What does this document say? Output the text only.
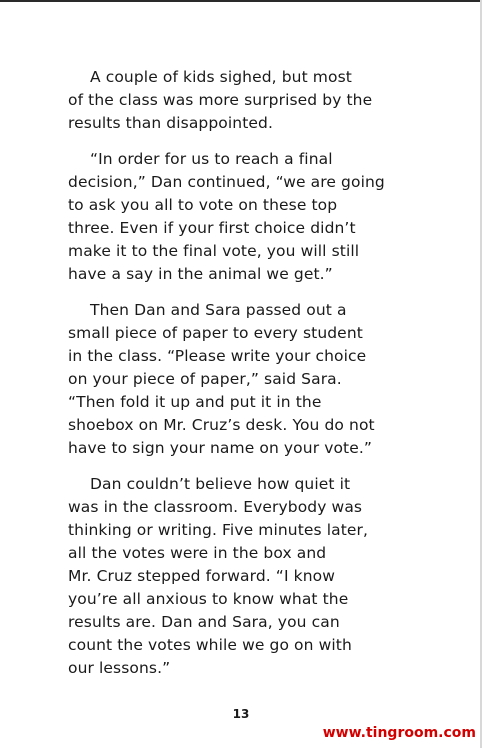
A couple of kids sighed, but most
of the class was more surprised by the
results than disappointed.

“In order for us to reach a final
decision,” Dan continued, “we are going
to ask you all to vote on these top
three. Even if your first choice didn’t
make it to the final vote, you will still
have a say in the animal we get.”

Then Dan and Sara passed out a
small piece of paper to every student
in the class. “Please write your choice
on your piece of paper,” said Sara.
“Then fold it up and put it in the
shoebox on Mr. Cruz’s desk. You do not
have to sign your name on your vote.”

Dan couldn’t believe how quiet it
was in the classroom. Everybody was
thinking or writing. Five minutes later,
all the votes were in the box and
Mr. Cruz stepped forward. “I know
you’re all anxious to know what the
results are. Dan and Sara, you can
count the votes while we go on with
our lessons.”

13
www.tingroom.com
